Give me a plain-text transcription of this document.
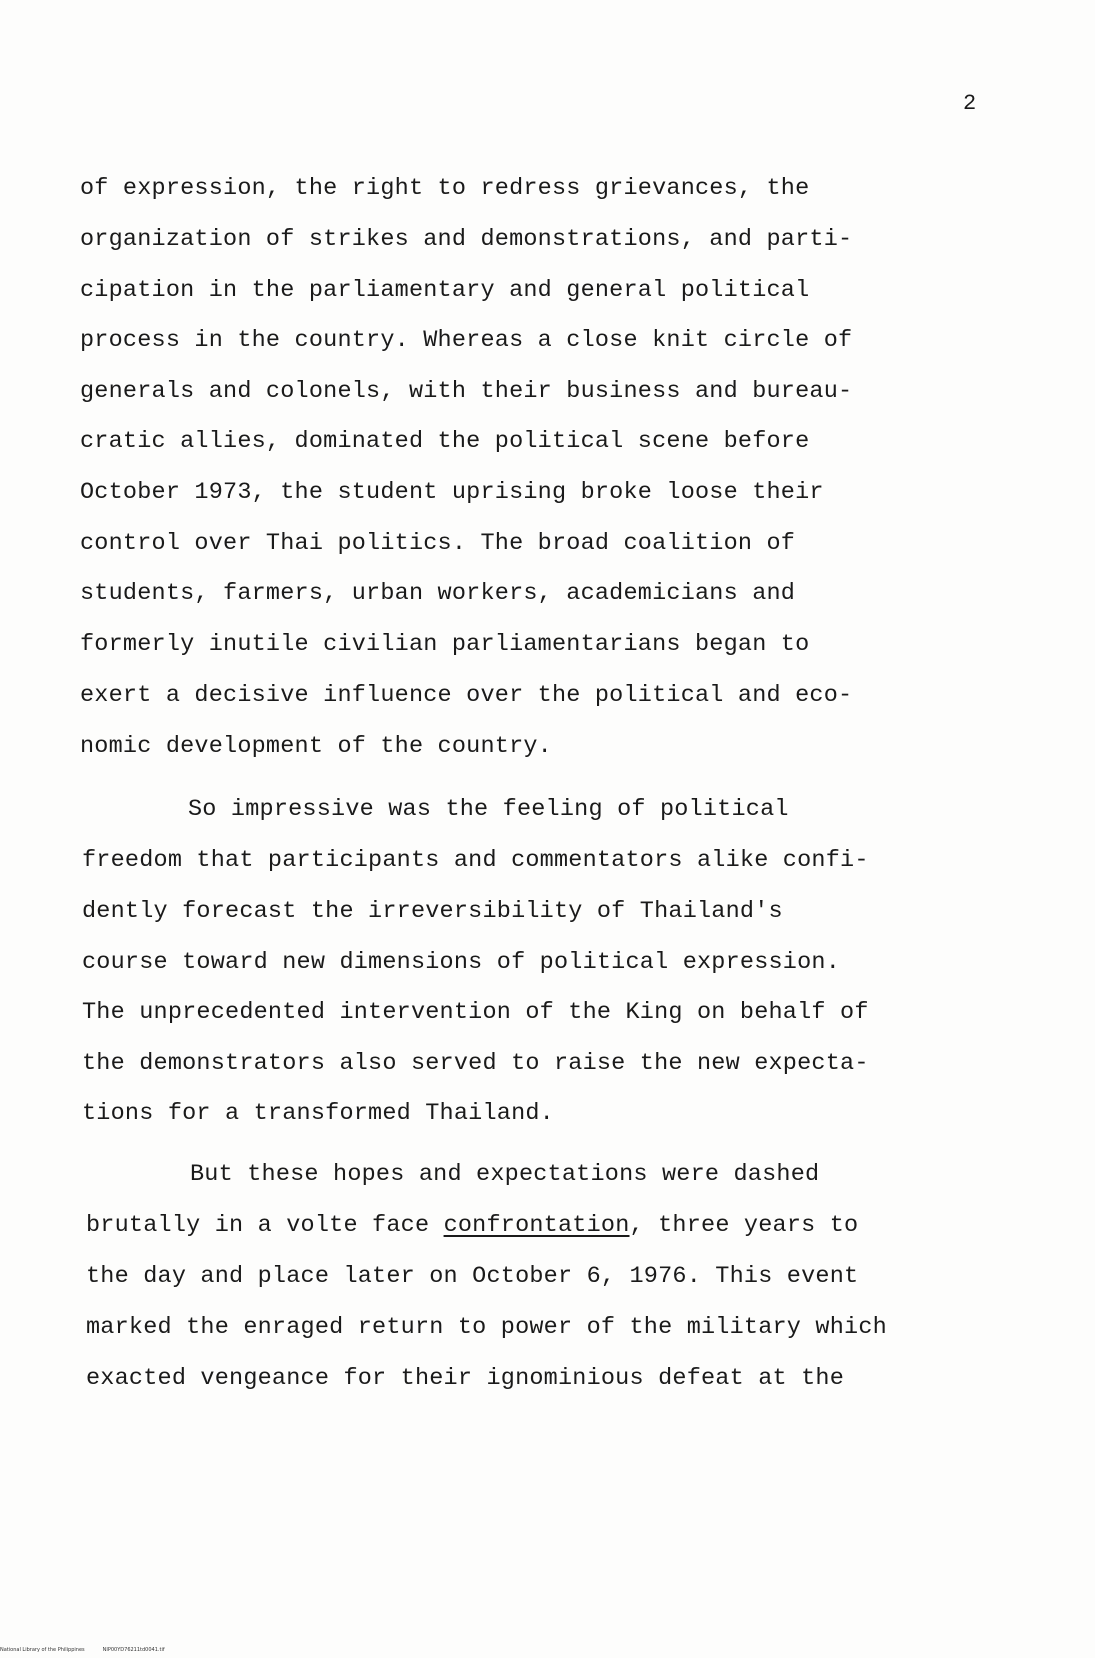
2
of expression, the right to redress grievances, the
organization of strikes and demonstrations, and parti-
cipation in the parliamentary and general political
process in the country. Whereas a close knit circle of
generals and colonels, with their business and bureau-
cratic allies, dominated the political scene before
October 1973, the student uprising broke loose their
control over Thai politics. The broad coalition of
students, farmers, urban workers, academicians and
formerly inutile civilian parliamentarians began to
exert a decisive influence over the political and eco-
nomic development of the country.
So impressive was the feeling of political
freedom that participants and commentators alike confi-
dently forecast the irreversibility of Thailand's
course toward new dimensions of political expression.
The unprecedented intervention of the King on behalf of
the demonstrators also served to raise the new expecta-
tions for a transformed Thailand.
But these hopes and expectations were dashed
brutally in a volte face confrontation, three years to
the day and place later on October 6, 1976. This event
marked the enraged return to power of the military which
exacted vengeance for their ignominious defeat at the
National Library of the Philippines	NIP00YD76211td0041.tif
